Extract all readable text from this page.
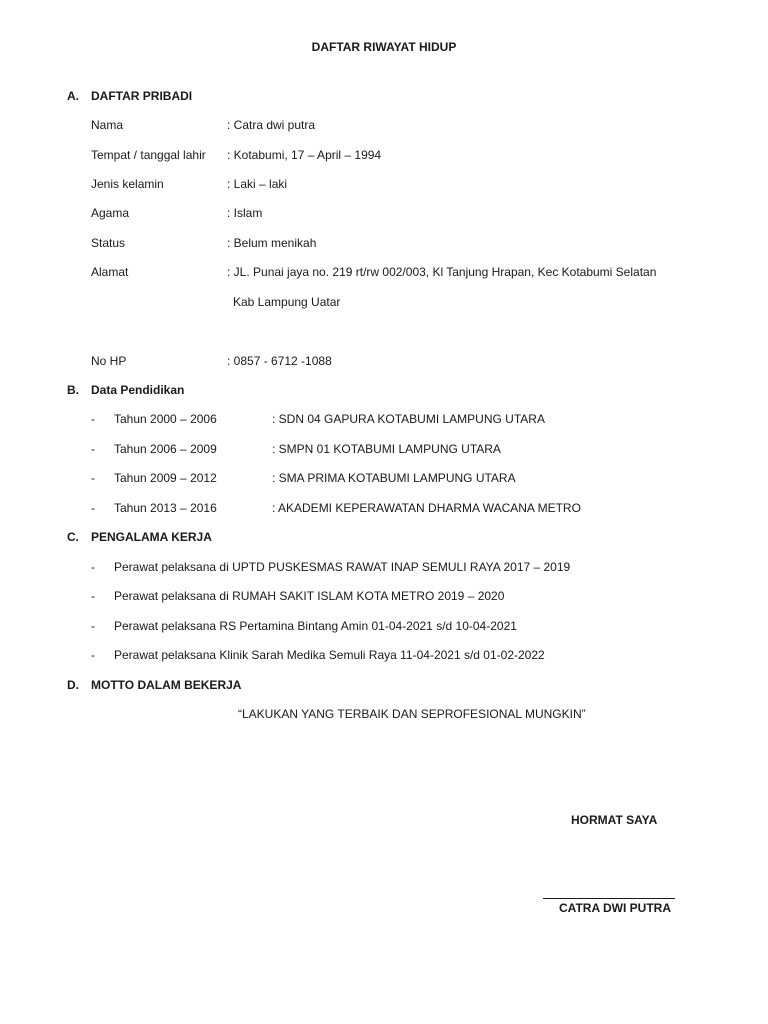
DAFTAR RIWAYAT HIDUP
A. DAFTAR PRIBADI
Nama	: Catra dwi putra
Tempat / tanggal lahir : Kotabumi, 17 – April – 1994
Jenis kelamin	: Laki – laki
Agama	: Islam
Status	: Belum menikah
Alamat	: JL. Punai jaya no. 219 rt/rw 002/003, Kl Tanjung Hrapan, Kec Kotabumi Selatan
Kab Lampung Uatar
No HP	: 0857 - 6712 -1088
B. Data Pendidikan
- Tahun 2000 – 2006	: SDN 04 GAPURA KOTABUMI LAMPUNG UTARA
- Tahun 2006 – 2009	: SMPN 01 KOTABUMI LAMPUNG UTARA
- Tahun 2009 – 2012	: SMA PRIMA KOTABUMI LAMPUNG UTARA
- Tahun 2013 – 2016	: AKADEMI KEPERAWATAN DHARMA WACANA METRO
C. PENGALAMA KERJA
- Perawat pelaksana di UPTD PUSKESMAS RAWAT INAP SEMULI RAYA 2017 – 2019
- Perawat pelaksana di RUMAH SAKIT ISLAM KOTA METRO 2019 – 2020
- Perawat pelaksana RS Pertamina Bintang Amin 01-04-2021 s/d 10-04-2021
- Perawat pelaksana Klinik Sarah Medika Semuli Raya 11-04-2021 s/d 01-02-2022
D. MOTTO DALAM BEKERJA
“LAKUKAN YANG TERBAIK DAN SEPROFESIONAL MUNGKIN”
HORMAT SAYA
CATRA DWI PUTRA
